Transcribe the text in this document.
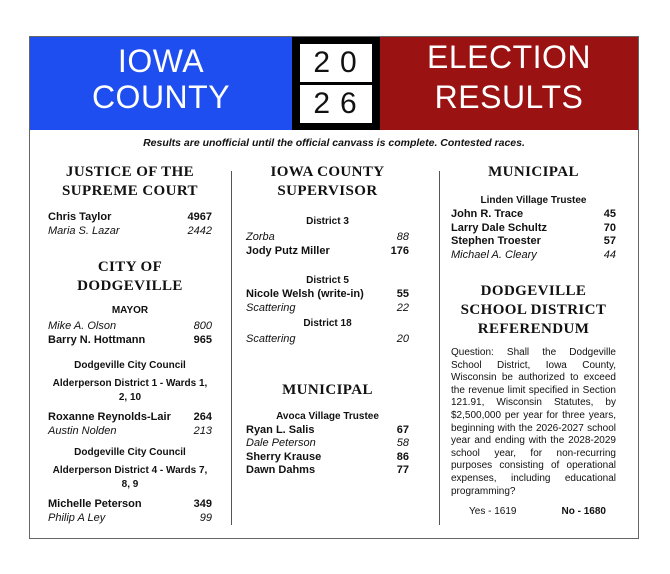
IOWA
COUNTY
20
26
ELECTION
RESULTS
Results are unofficial until the official canvass is complete. Contested races.
JUSTICE OF THE
SUPREME COURT
Chris Taylor	4967
Maria S. Lazar	2442
CITY OF
DODGEVILLE
MAYOR
Mike A. Olson	800
Barry N. Hottmann	965
Dodgeville City Council
Alderperson District 1 - Wards 1, 2, 10
Roxanne Reynolds-Lair 264
Austin Nolden	213
Dodgeville City Council
Alderperson District 4 - Wards 7, 8, 9
Michelle Peterson	349
Philip A Ley	99
IOWA COUNTY
SUPERVISOR
District 3
Zorba	88
Jody Putz Miller	176
District 5
Nicole Welsh (write-in)	55
Scattering	22
District 18
Scattering	20
MUNICIPAL
Avoca Village Trustee
Ryan L. Salis	67
Dale Peterson	58
Sherry Krause	86
Dawn Dahms	77
MUNICIPAL
Linden Village Trustee
John R. Trace	45
Larry Dale Schultz	70
Stephen Troester	57
Michael A. Cleary	44
DODGEVILLE
SCHOOL DISTRICT
REFERENDUM
Question: Shall the Dodgeville School District, Iowa County, Wisconsin be authorized to exceed the revenue limit specified in Section 121.91, Wisconsin Statutes, by $2,500,000 per year for three years, beginning with the 2026-2027 school year and ending with the 2028-2029 school year, for non-recurring purposes consisting of operational expenses, including educational programming?
Yes - 1619	No - 1680
